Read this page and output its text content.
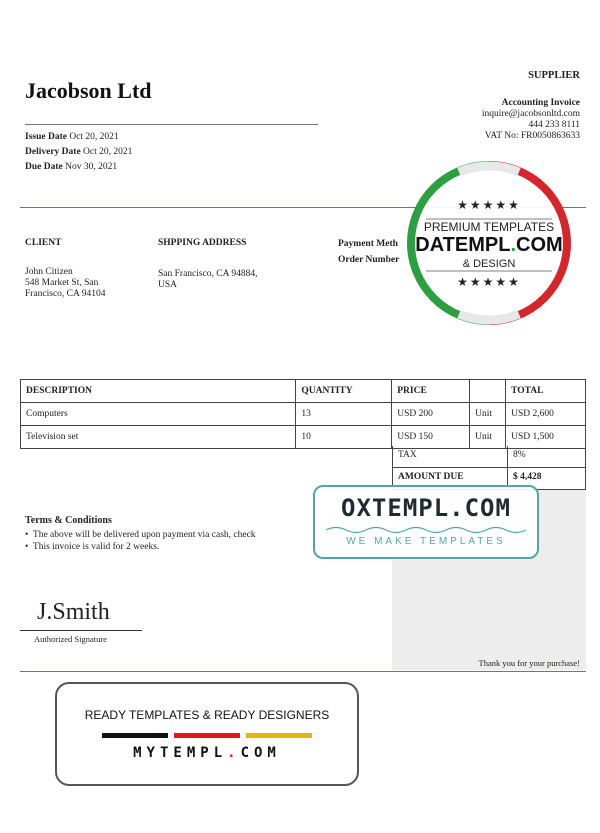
Jacobson Ltd
Issue Date Oct 20, 2021
Delivery Date Oct 20, 2021
Due Date Nov 30, 2021
SUPPLIER
Accounting Invoice
inquire@jacobsonltd.com
444 233 8111
VAT No: FR0050863633
CLIENT
John Citizen
548 Market St, San
Francisco, CA 94104
SHPPING ADDRESS
San Francisco, CA 94884,
USA
Payment Meth
Order Number
DESCRIPTION	QUANTITY	PRICE		TOTAL
Computers	13	USD 200	Unit	USD 2,600
Television set	10	USD 150	Unit	USD 1,500
TAX	8%
AMOUNT DUE	$ 4,428
Terms & Conditions
•  The above will be delivered upon payment via cash, check
•  This invoice is valid for 2 weeks.
J.Smith
Authorized Signature
Thank you for your purchase!
★★★★★
PREMIUM TEMPLATES
DATEMPL.COM
& DESIGN
★★★★★
OXTEMPL.COM
WE MAKE TEMPLATES
READY TEMPLATES & READY DESIGNERS
MYTEMPL.COM
